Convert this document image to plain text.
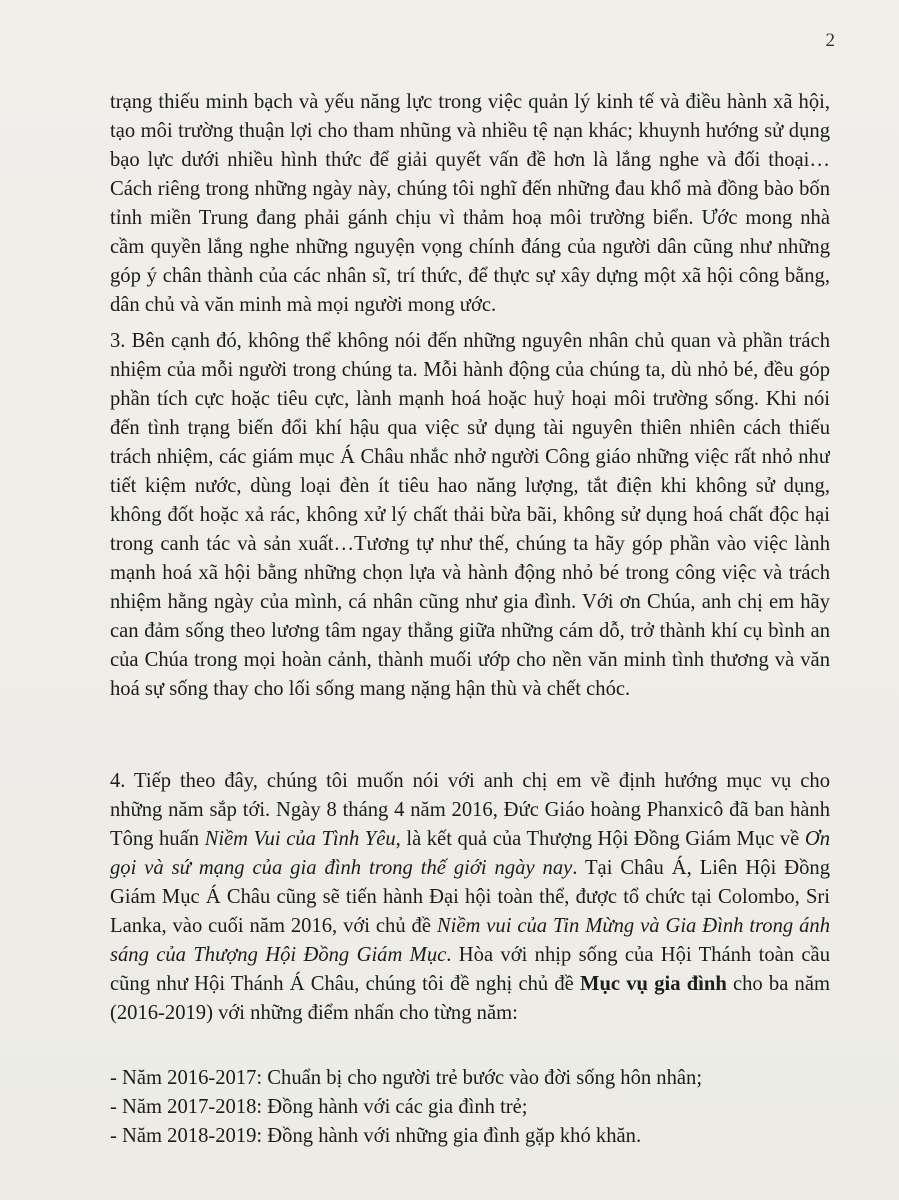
2
trạng thiếu minh bạch và yếu năng lực trong việc quản lý kinh tế và điều hành xã hội,
tạo môi trường thuận lợi cho tham nhũng và nhiều tệ nạn khác; khuynh hướng sử dụng
bạo lực dưới nhiều hình thức để giải quyết vấn đề hơn là lắng nghe và đối thoại…
Cách riêng trong những ngày này, chúng tôi nghĩ đến những đau khổ mà đồng bào bốn
tỉnh miền Trung đang phải gánh chịu vì thảm hoạ môi trường biển. Ước mong nhà
cầm quyền lắng nghe những nguyện vọng chính đáng của người dân cũng như những
góp ý chân thành của các nhân sĩ, trí thức, để thực sự xây dựng một xã hội công bằng,
dân chủ và văn minh mà mọi người mong ước.
3. Bên cạnh đó, không thể không nói đến những nguyên nhân chủ quan và phần trách
nhiệm của mỗi người trong chúng ta. Mỗi hành động của chúng ta, dù nhỏ bé, đều góp
phần tích cực hoặc tiêu cực, lành mạnh hoá hoặc huỷ hoại môi trường sống. Khi nói
đến tình trạng biến đổi khí hậu qua việc sử dụng tài nguyên thiên nhiên cách thiếu
trách nhiệm, các giám mục Á Châu nhắc nhở người Công giáo những việc rất nhỏ như
tiết kiệm nước, dùng loại đèn ít tiêu hao năng lượng, tắt điện khi không sử dụng,
không đốt hoặc xả rác, không xử lý chất thải bừa bãi, không sử dụng hoá chất độc hại
trong canh tác và sản xuất…Tương tự như thế, chúng ta hãy góp phần vào việc lành
mạnh hoá xã hội bằng những chọn lựa và hành động nhỏ bé trong công việc và trách
nhiệm hằng ngày của mình, cá nhân cũng như gia đình. Với ơn Chúa, anh chị em hãy
can đảm sống theo lương tâm ngay thẳng giữa những cám dỗ, trở thành khí cụ bình an
của Chúa trong mọi hoàn cảnh, thành muối ướp cho nền văn minh tình thương và văn
hoá sự sống thay cho lối sống mang nặng hận thù và chết chóc.
4. Tiếp theo đây, chúng tôi muốn nói với anh chị em về định hướng mục vụ cho
những năm sắp tới. Ngày 8 tháng 4 năm 2016, Đức Giáo hoàng Phanxicô đã ban hành
Tông huấn Niềm Vui của Tình Yêu, là kết quả của Thượng Hội Đồng Giám Mục về Ơn
gọi và sứ mạng của gia đình trong thế giới ngày nay. Tại Châu Á, Liên Hội Đồng
Giám Mục Á Châu cũng sẽ tiến hành Đại hội toàn thể, được tổ chức tại Colombo, Sri
Lanka, vào cuối năm 2016, với chủ đề Niềm vui của Tin Mừng và Gia Đình trong ánh
sáng của Thượng Hội Đồng Giám Mục. Hòa với nhịp sống của Hội Thánh toàn cầu
cũng như Hội Thánh Á Châu, chúng tôi đề nghị chủ đề Mục vụ gia đình cho ba năm
(2016-2019) với những điểm nhấn cho từng năm:
- Năm 2016-2017: Chuẩn bị cho người trẻ bước vào đời sống hôn nhân;
- Năm 2017-2018: Đồng hành với các gia đình trẻ;
- Năm 2018-2019: Đồng hành với những gia đình gặp khó khăn.
